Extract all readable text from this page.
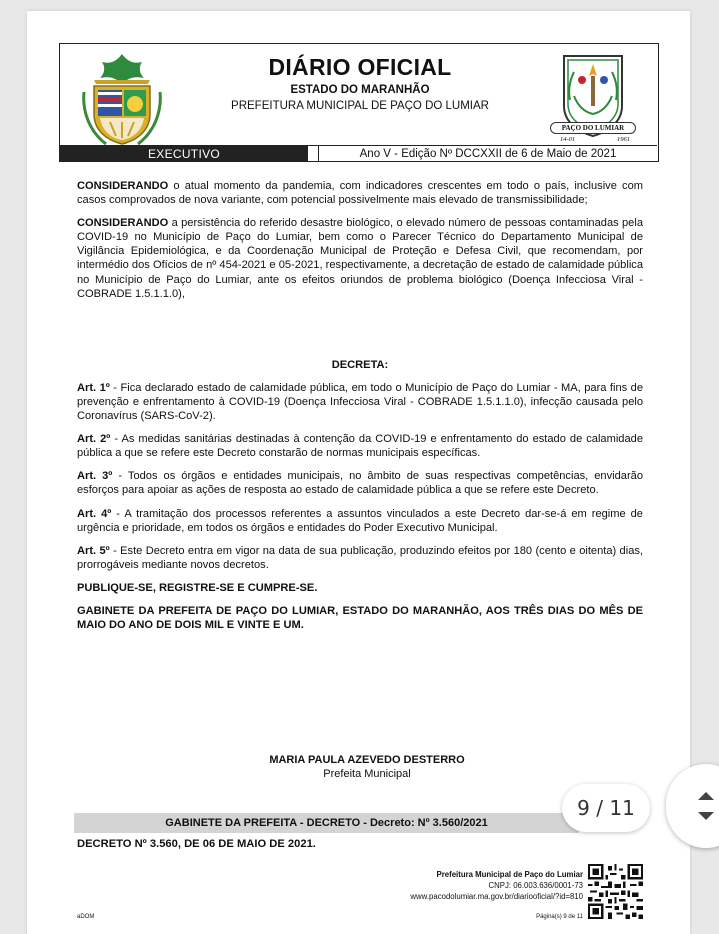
DIÁRIO OFICIAL
ESTADO DO MARANHÃO
PREFEITURA MUNICIPAL DE PAÇO DO LUMIAR
PAÇO DO LUMIAR
14-01	1961
EXECUTIVO	Ano V - Edição Nº DCCXXII de 6 de Maio de 2021

CONSIDERANDO o atual momento da pandemia, com indicadores crescentes em todo o país, inclusive com casos comprovados de nova variante, com potencial possivelmente mais elevado de transmissibilidade;

CONSIDERANDO a persistência do referido desastre biológico, o elevado número de pessoas contaminadas pela COVID-19 no Município de Paço do Lumiar, bem como o Parecer Técnico do Departamento Municipal de Vigilância Epidemiológica, e da Coordenação Municipal de Proteção e Defesa Civil, que recomendam, por intermédio dos Ofícios de nº 454-2021 e 05-2021, respectivamente, a decretação de estado de calamidade pública no Município de Paço do Lumiar, ante os efeitos oriundos de problema biológico (Doença Infecciosa Viral - COBRADE 1.5.1.1.0),

DECRETA:

Art. 1º - Fica declarado estado de calamidade pública, em todo o Município de Paço do Lumiar - MA, para fins de prevenção e enfrentamento à COVID-19 (Doença Infecciosa Viral - COBRADE 1.5.1.1.0), infecção causada pelo Coronavírus (SARS-CoV-2).

Art. 2º - As medidas sanitárias destinadas à contenção da COVID-19 e enfrentamento do estado de calamidade pública a que se refere este Decreto constarão de normas municipais específicas.

Art. 3º - Todos os órgãos e entidades municipais, no âmbito de suas respectivas competências, envidarão esforços para apoiar as ações de resposta ao estado de calamidade pública a que se refere este Decreto.

Art. 4º - A tramitação dos processos referentes a assuntos vinculados a este Decreto dar-se-á em regime de urgência e prioridade, em todos os órgãos e entidades do Poder Executivo Municipal.

Art. 5º - Este Decreto entra em vigor na data de sua publicação, produzindo efeitos por 180 (cento e oitenta) dias, prorrogáveis mediante novos decretos.

PUBLIQUE-SE, REGISTRE-SE E CUMPRE-SE.

GABINETE DA PREFEITA DE PAÇO DO LUMIAR, ESTADO DO MARANHÃO, AOS TRÊS DIAS DO MÊS DE MAIO DO ANO DE DOIS MIL E VINTE E UM.

MARIA PAULA AZEVEDO DESTERRO
Prefeita Municipal
GABINETE DA PREFEITA - DECRETO - Decreto: Nº 3.560/2021
DECRETO Nº 3.560, DE 06 DE MAIO DE 2021.
Prefeitura Municipal de Paço do Lumiar
CNPJ: 06.003.636/0001-73
www.pacodolumiar.ma.gov.br/diariooficial/?id=810
aDOM	Página(s) 9 de 11
9 / 11
